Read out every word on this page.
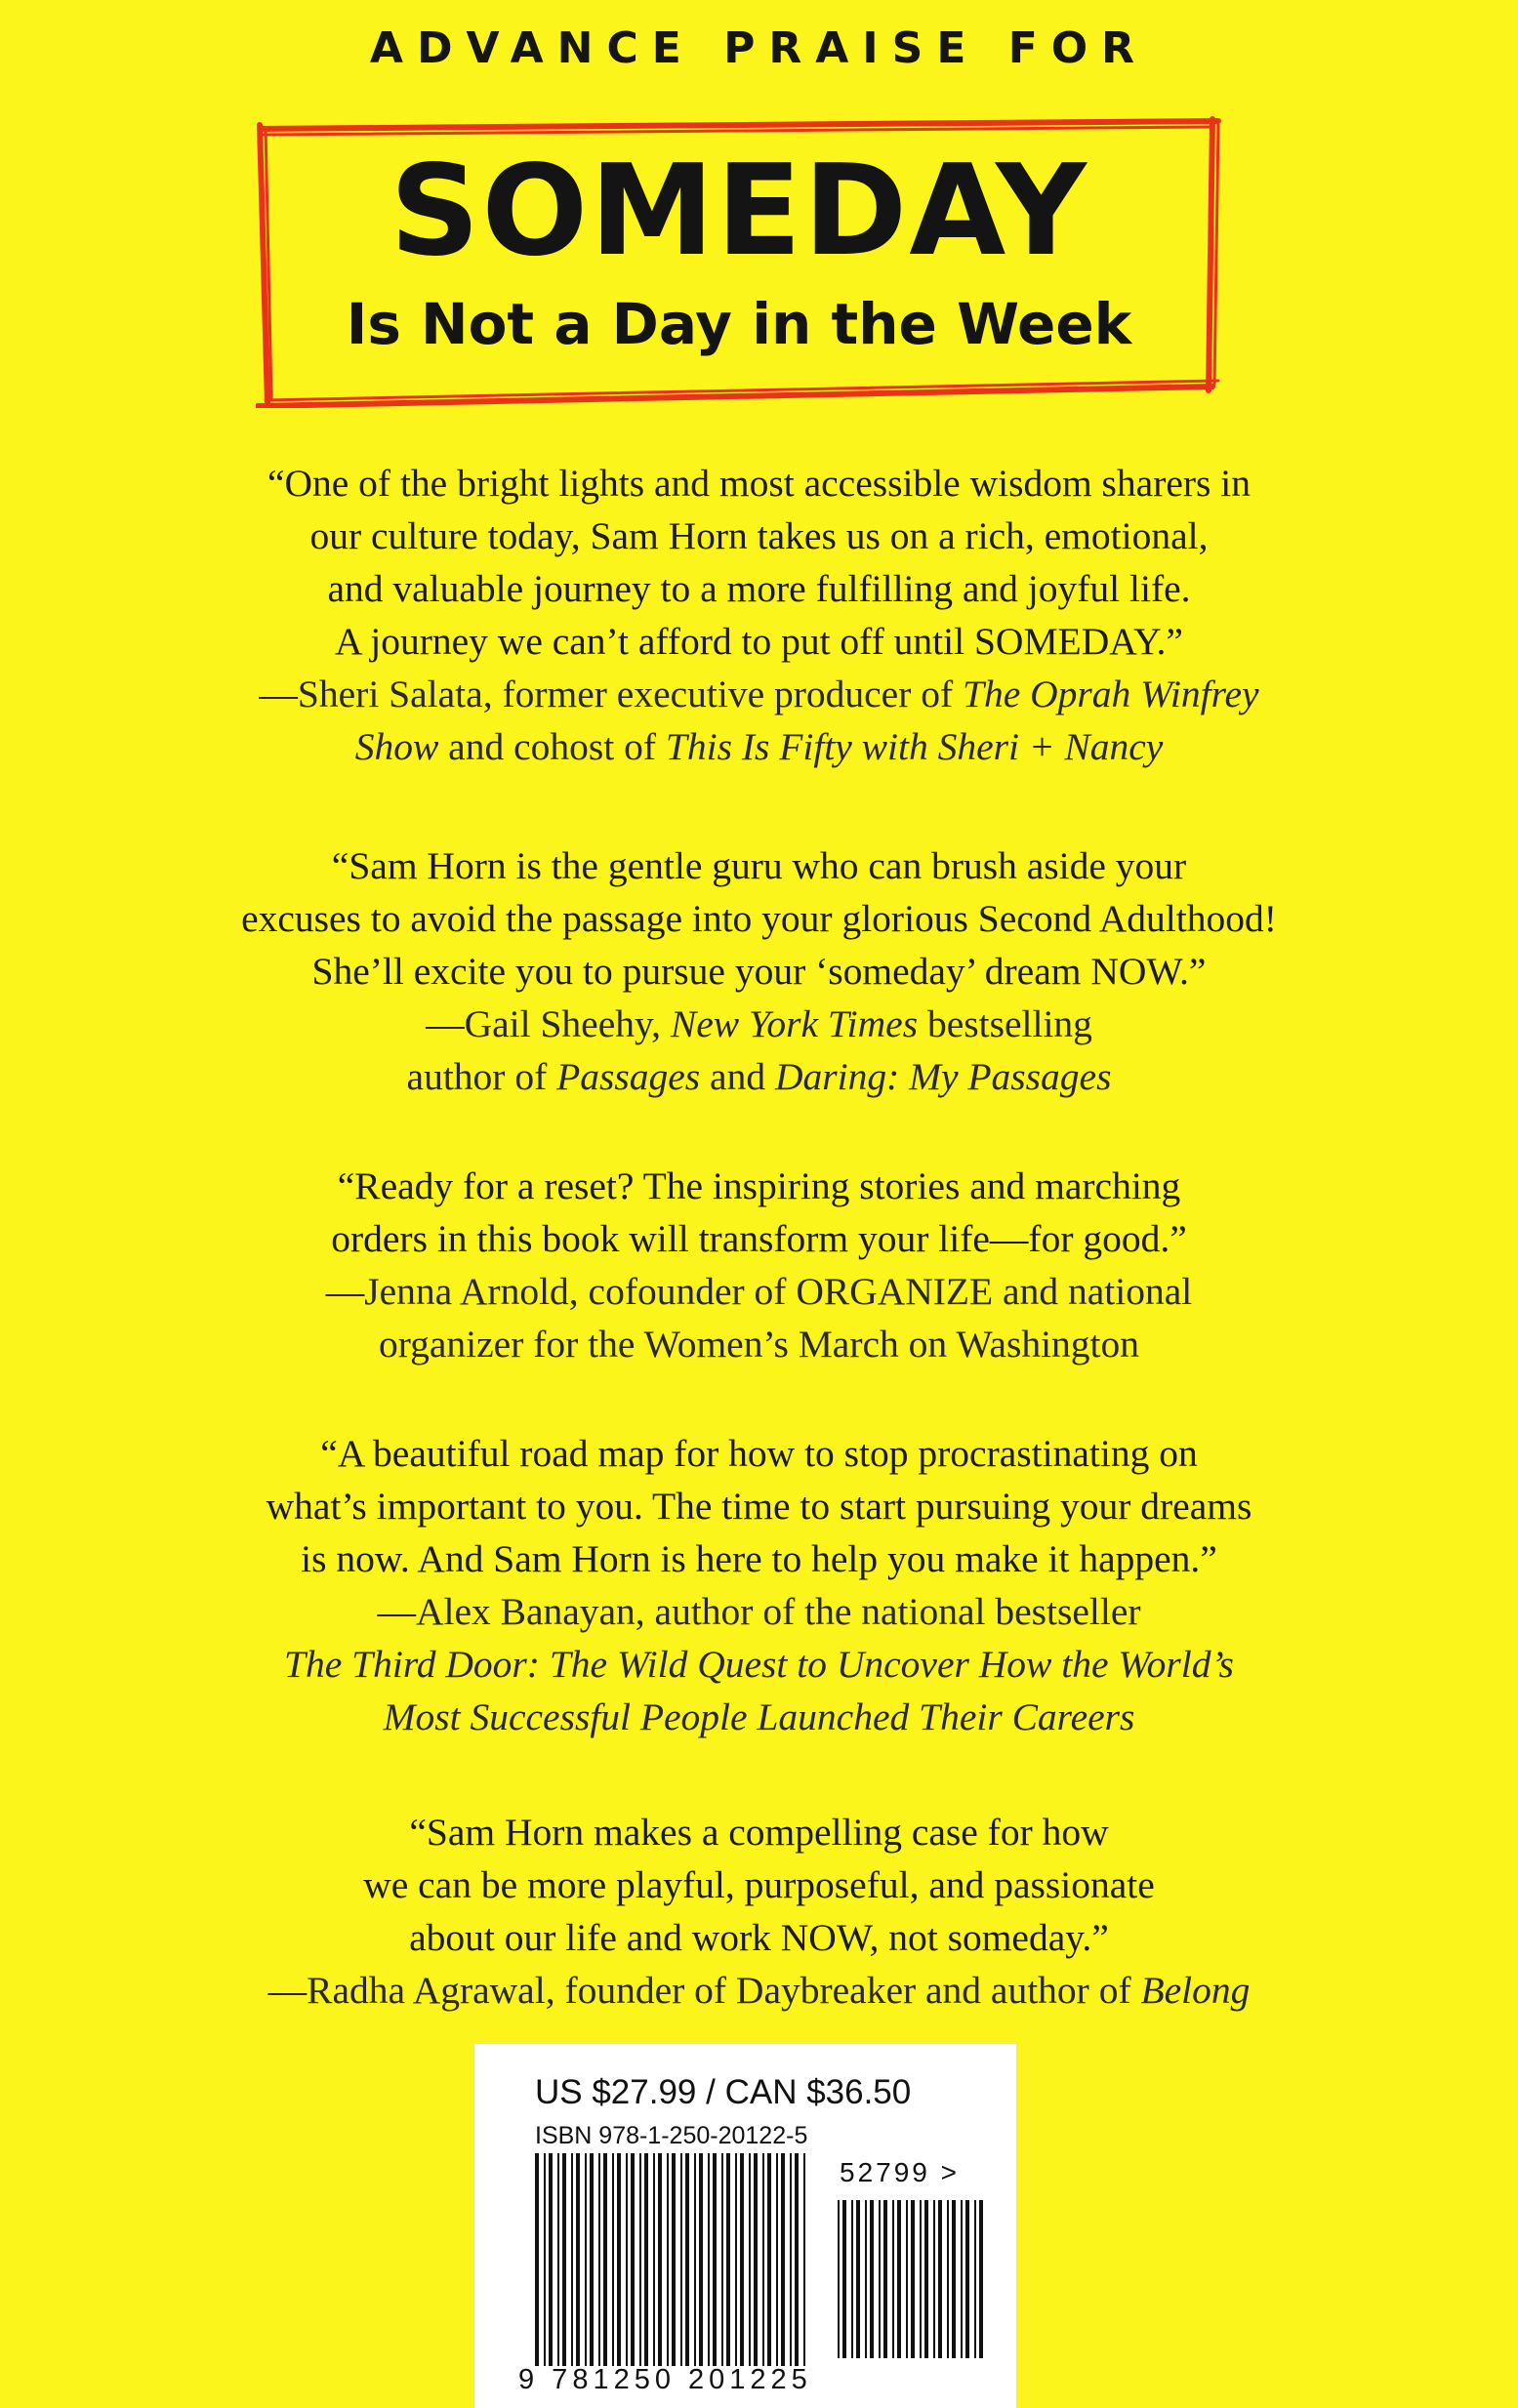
ADVANCE PRAISE FOR
SOMEDAY
Is Not a Day in the Week
“One of the bright lights and most accessible wisdom sharers in
our culture today, Sam Horn takes us on a rich, emotional,
and valuable journey to a more fulfilling and joyful life.
A journey we can’t afford to put off until SOMEDAY.”
—Sheri Salata, former executive producer of The Oprah Winfrey
Show and cohost of This Is Fifty with Sheri + Nancy
“Sam Horn is the gentle guru who can brush aside your
excuses to avoid the passage into your glorious Second Adulthood!
She’ll excite you to pursue your ‘someday’ dream NOW.”
—Gail Sheehy, New York Times bestselling
author of Passages and Daring: My Passages
“Ready for a reset? The inspiring stories and marching
orders in this book will transform your life—for good.”
—Jenna Arnold, cofounder of ORGANIZE and national
organizer for the Women’s March on Washington
“A beautiful road map for how to stop procrastinating on
what’s important to you. The time to start pursuing your dreams
is now. And Sam Horn is here to help you make it happen.”
—Alex Banayan, author of the national bestseller
The Third Door: The Wild Quest to Uncover How the World’s
Most Successful People Launched Their Careers
“Sam Horn makes a compelling case for how
we can be more playful, purposeful, and passionate
about our life and work NOW, not someday.”
—Radha Agrawal, founder of Daybreaker and author of Belong
US $27.99 / CAN $36.50
ISBN 978-1-250-20122-5
52799 >
9 781250 201225
